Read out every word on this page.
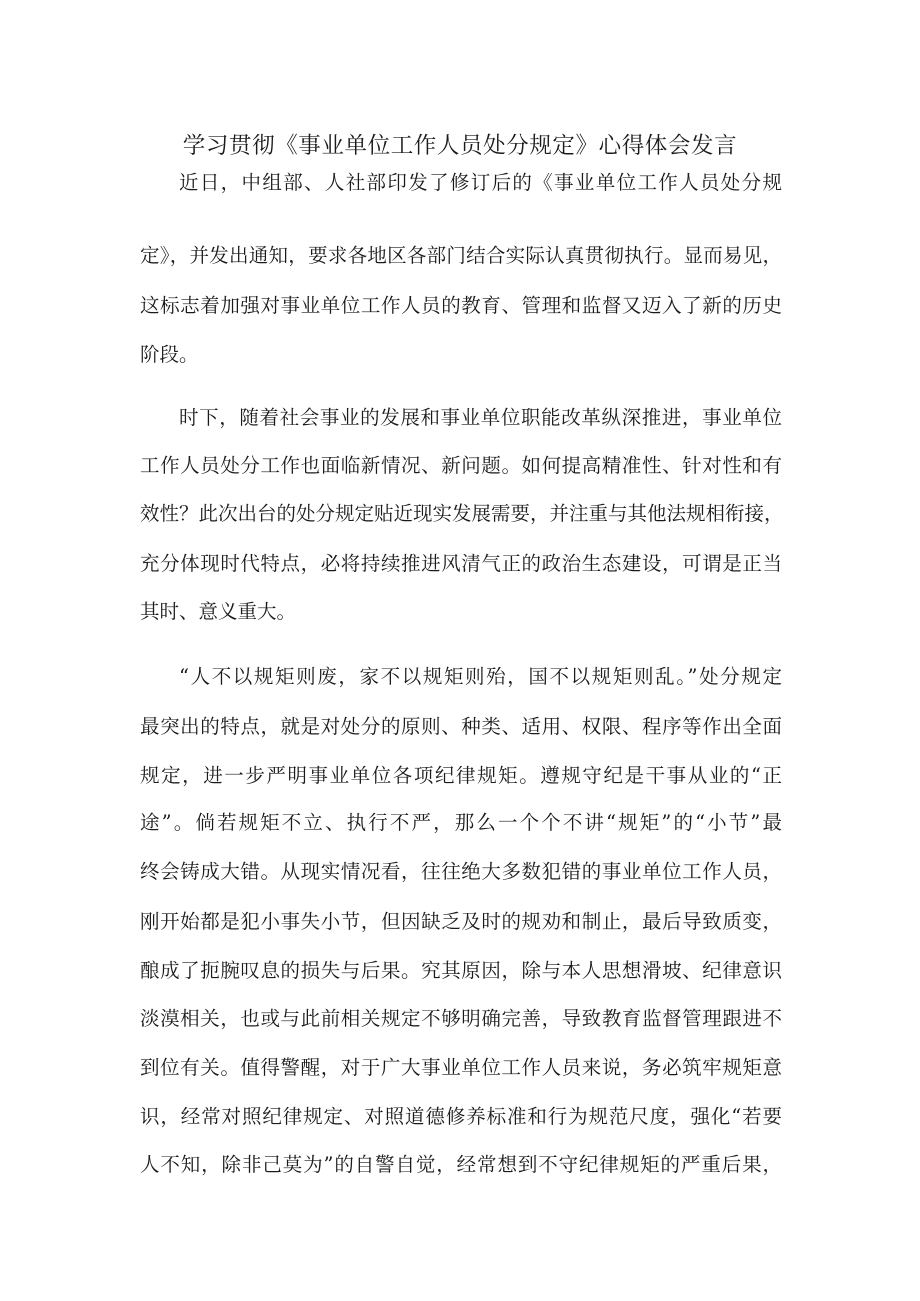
学习贯彻《事业单位工作人员处分规定》心得体会发言
近日，中组部、人社部印发了修订后的《事业单位工作人员处分规
定》，并发出通知，要求各地区各部门结合实际认真贯彻执行。显而易见，
这标志着加强对事业单位工作人员的教育、管理和监督又迈入了新的历史
阶段。
时下，随着社会事业的发展和事业单位职能改革纵深推进，事业单位
工作人员处分工作也面临新情况、新问题。如何提高精准性、针对性和有
效性？此次出台的处分规定贴近现实发展需要，并注重与其他法规相衔接，
充分体现时代特点，必将持续推进风清气正的政治生态建设，可谓是正当
其时、意义重大。
“人不以规矩则废，家不以规矩则殆，国不以规矩则乱。”处分规定
最突出的特点，就是对处分的原则、种类、适用、权限、程序等作出全面
规定，进一步严明事业单位各项纪律规矩。遵规守纪是干事从业的“正
途”。倘若规矩不立、执行不严，那么一个个不讲“规矩”的“小节”最
终会铸成大错。从现实情况看，往往绝大多数犯错的事业单位工作人员，
刚开始都是犯小事失小节，但因缺乏及时的规劝和制止，最后导致质变，
酿成了扼腕叹息的损失与后果。究其原因，除与本人思想滑坡、纪律意识
淡漠相关，也或与此前相关规定不够明确完善，导致教育监督管理跟进不
到位有关。值得警醒，对于广大事业单位工作人员来说，务必筑牢规矩意
识，经常对照纪律规定、对照道德修养标准和行为规范尺度，强化“若要
人不知，除非己莫为”的自警自觉，经常想到不守纪律规矩的严重后果，
